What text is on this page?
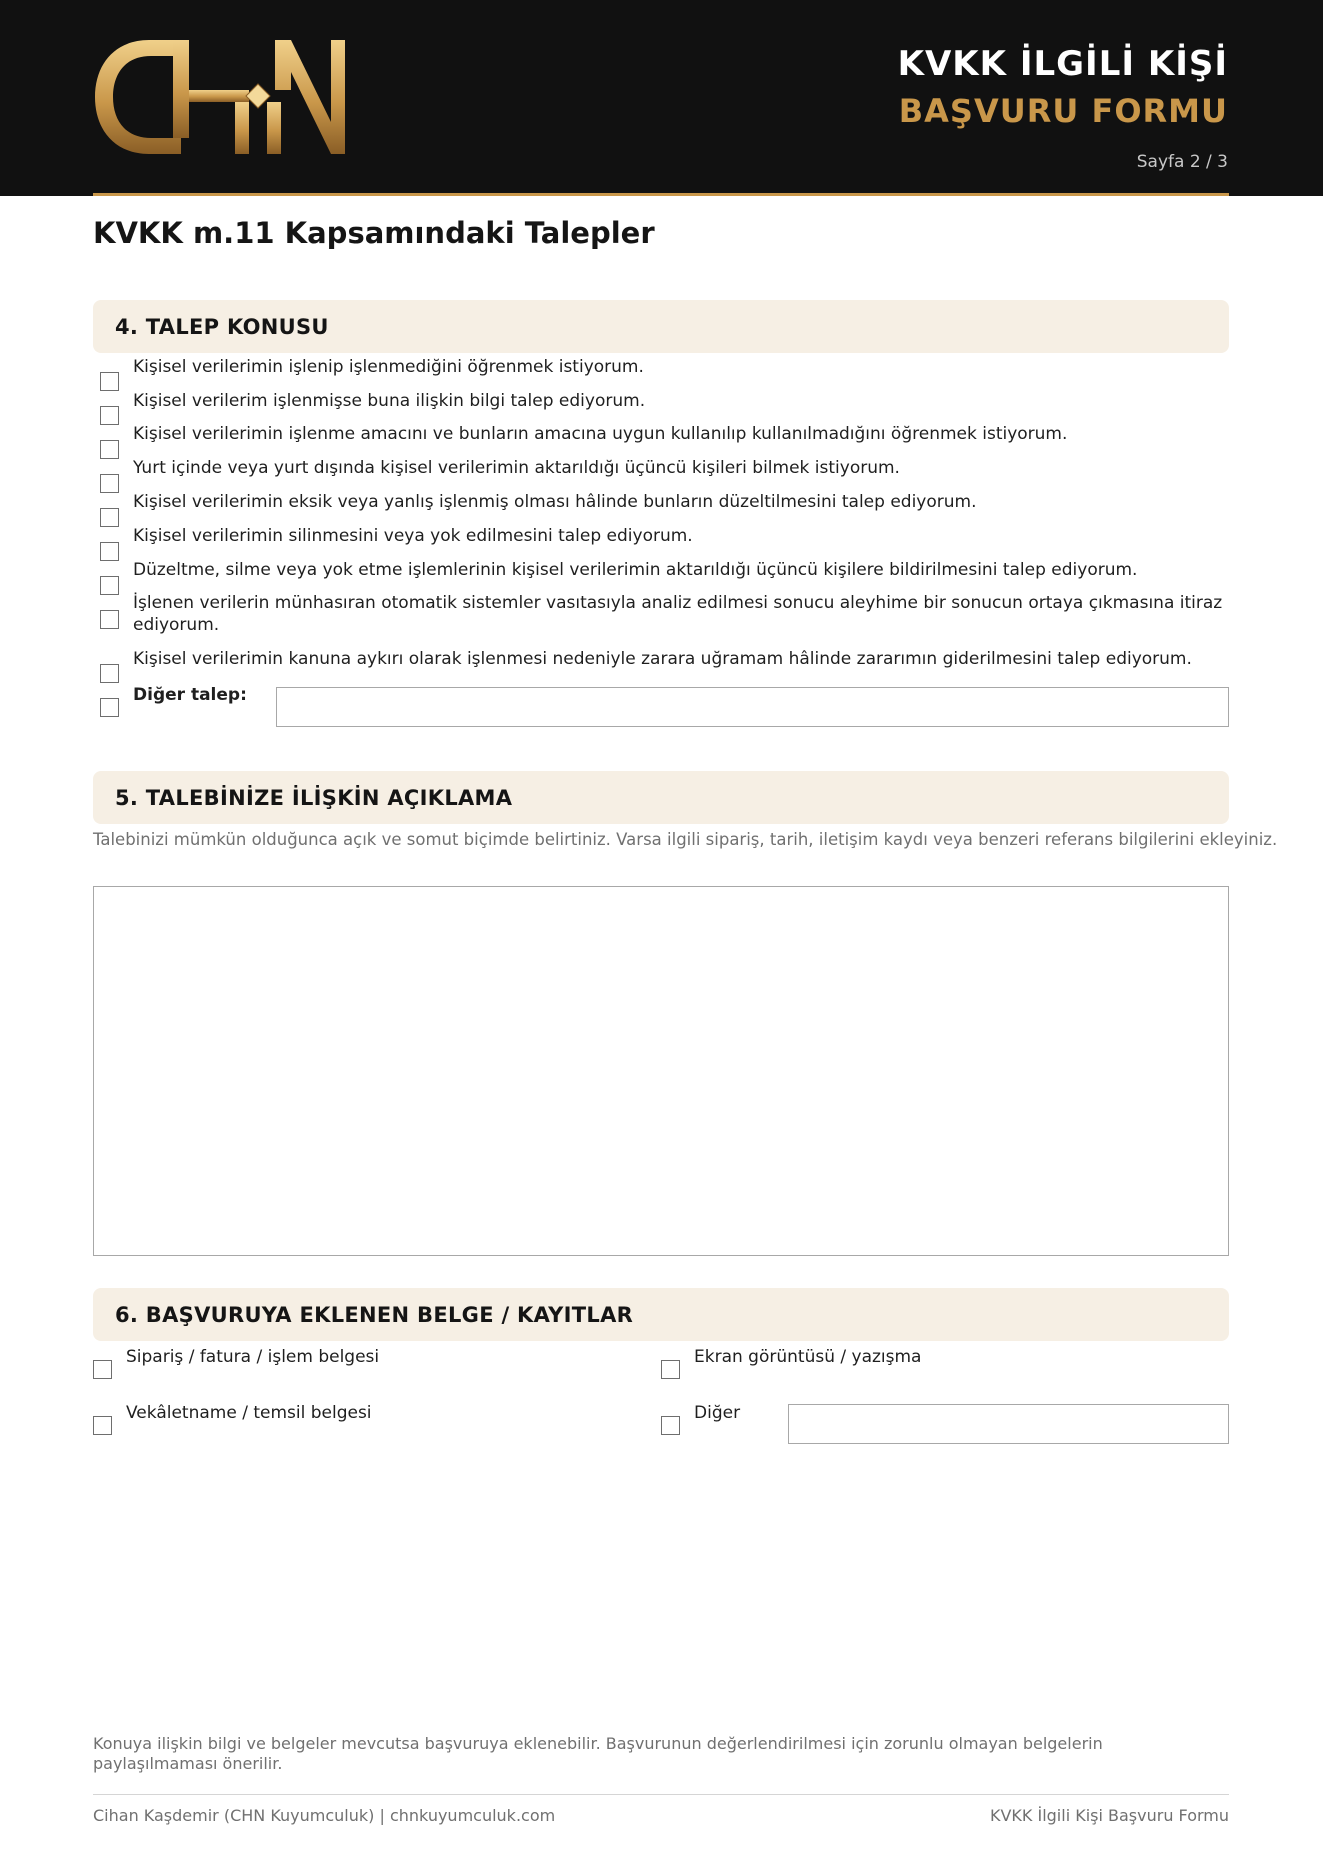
KVKK İLGİLİ KİŞİ
BAŞVURU FORMU
Sayfa 2 / 3
KVKK m.11 Kapsamındaki Talepler
4. TALEP KONUSU
Kişisel verilerimin işlenip işlenmediğini öğrenmek istiyorum.
Kişisel verilerim işlenmişse buna ilişkin bilgi talep ediyorum.
Kişisel verilerimin işlenme amacını ve bunların amacına uygun kullanılıp kullanılmadığını öğrenmek istiyorum.
Yurt içinde veya yurt dışında kişisel verilerimin aktarıldığı üçüncü kişileri bilmek istiyorum.
Kişisel verilerimin eksik veya yanlış işlenmiş olması hâlinde bunların düzeltilmesini talep ediyorum.
Kişisel verilerimin silinmesini veya yok edilmesini talep ediyorum.
Düzeltme, silme veya yok etme işlemlerinin kişisel verilerimin aktarıldığı üçüncü kişilere bildirilmesini talep ediyorum.
İşlenen verilerin münhasıran otomatik sistemler vasıtasıyla analiz edilmesi sonucu aleyhime bir sonucun ortaya çıkmasına itiraz ediyorum.
Kişisel verilerimin kanuna aykırı olarak işlenmesi nedeniyle zarara uğramam hâlinde zararımın giderilmesini talep ediyorum.
Diğer talep:
5. TALEBİNİZE İLİŞKİN AÇIKLAMA
Talebinizi mümkün olduğunca açık ve somut biçimde belirtiniz. Varsa ilgili sipariş, tarih, iletişim kaydı veya benzeri referans bilgilerini ekleyiniz.
6. BAŞVURUYA EKLENEN BELGE / KAYITLAR
Sipariş / fatura / işlem belgesi	Ekran görüntüsü / yazışma
Vekâletname / temsil belgesi	Diğer
Konuya ilişkin bilgi ve belgeler mevcutsa başvuruya eklenebilir. Başvurunun değerlendirilmesi için zorunlu olmayan belgelerin paylaşılmaması önerilir.
Cihan Kaşdemir (CHN Kuyumculuk) | chnkuyumculuk.com	KVKK İlgili Kişi Başvuru Formu
